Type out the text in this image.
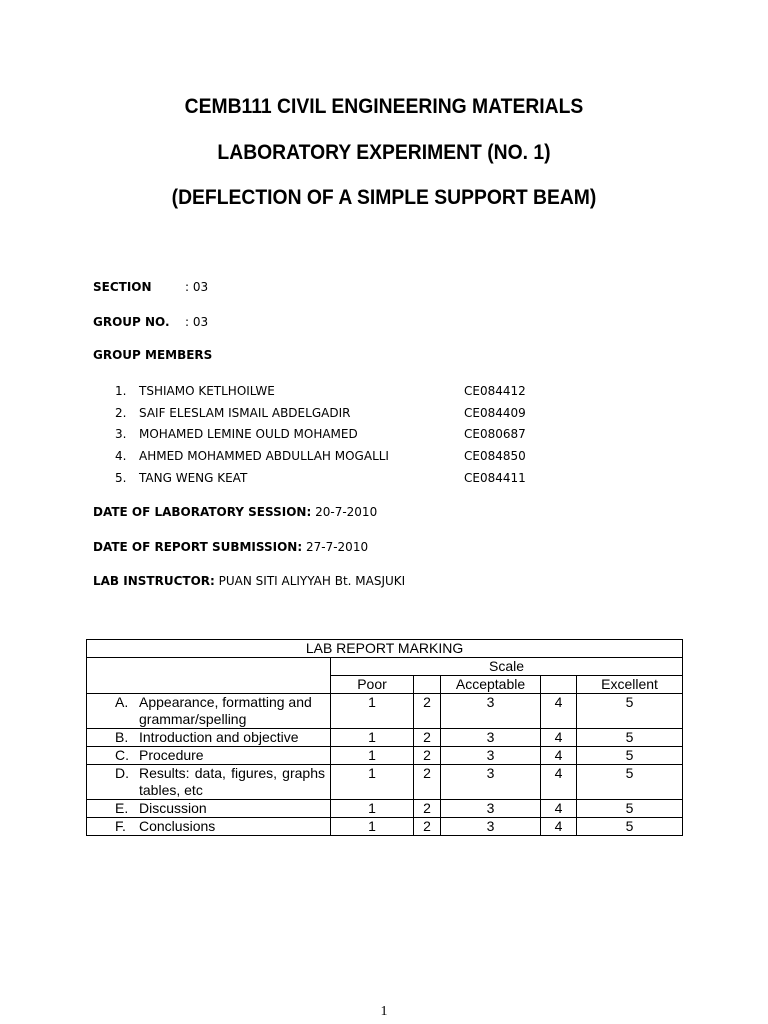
CEMB111 CIVIL ENGINEERING MATERIALS
LABORATORY EXPERIMENT (NO. 1)
(DEFLECTION OF A SIMPLE SUPPORT BEAM)
SECTION	: 03
GROUP NO. : 03
GROUP MEMBERS
1. TSHIAMO KETLHOILWE	CE084412
2. SAIF ELESLAM ISMAIL ABDELGADIR	CE084409
3. MOHAMED LEMINE OULD MOHAMED	CE080687
4. AHMED MOHAMMED ABDULLAH MOGALLI	CE084850
5. TANG WENG KEAT	CE084411
DATE OF LABORATORY SESSION: 20-7-2010
DATE OF REPORT SUBMISSION: 27-7-2010
LAB INSTRUCTOR: PUAN SITI ALIYYAH Bt. MASJUKI
LAB REPORT MARKING					
	Scale				
	Poor		Acceptable		Excellent
A. Appearance, formatting and grammar/spelling	1	2	3	4	5
B. Introduction and objective	1	2	3	4	5
C. Procedure	1	2	3	4	5
D. Results: data, figures, graphs tables, etc	1	2	3	4	5
E. Discussion	1	2	3	4	5
F. Conclusions	1	2	3	4	5
1
